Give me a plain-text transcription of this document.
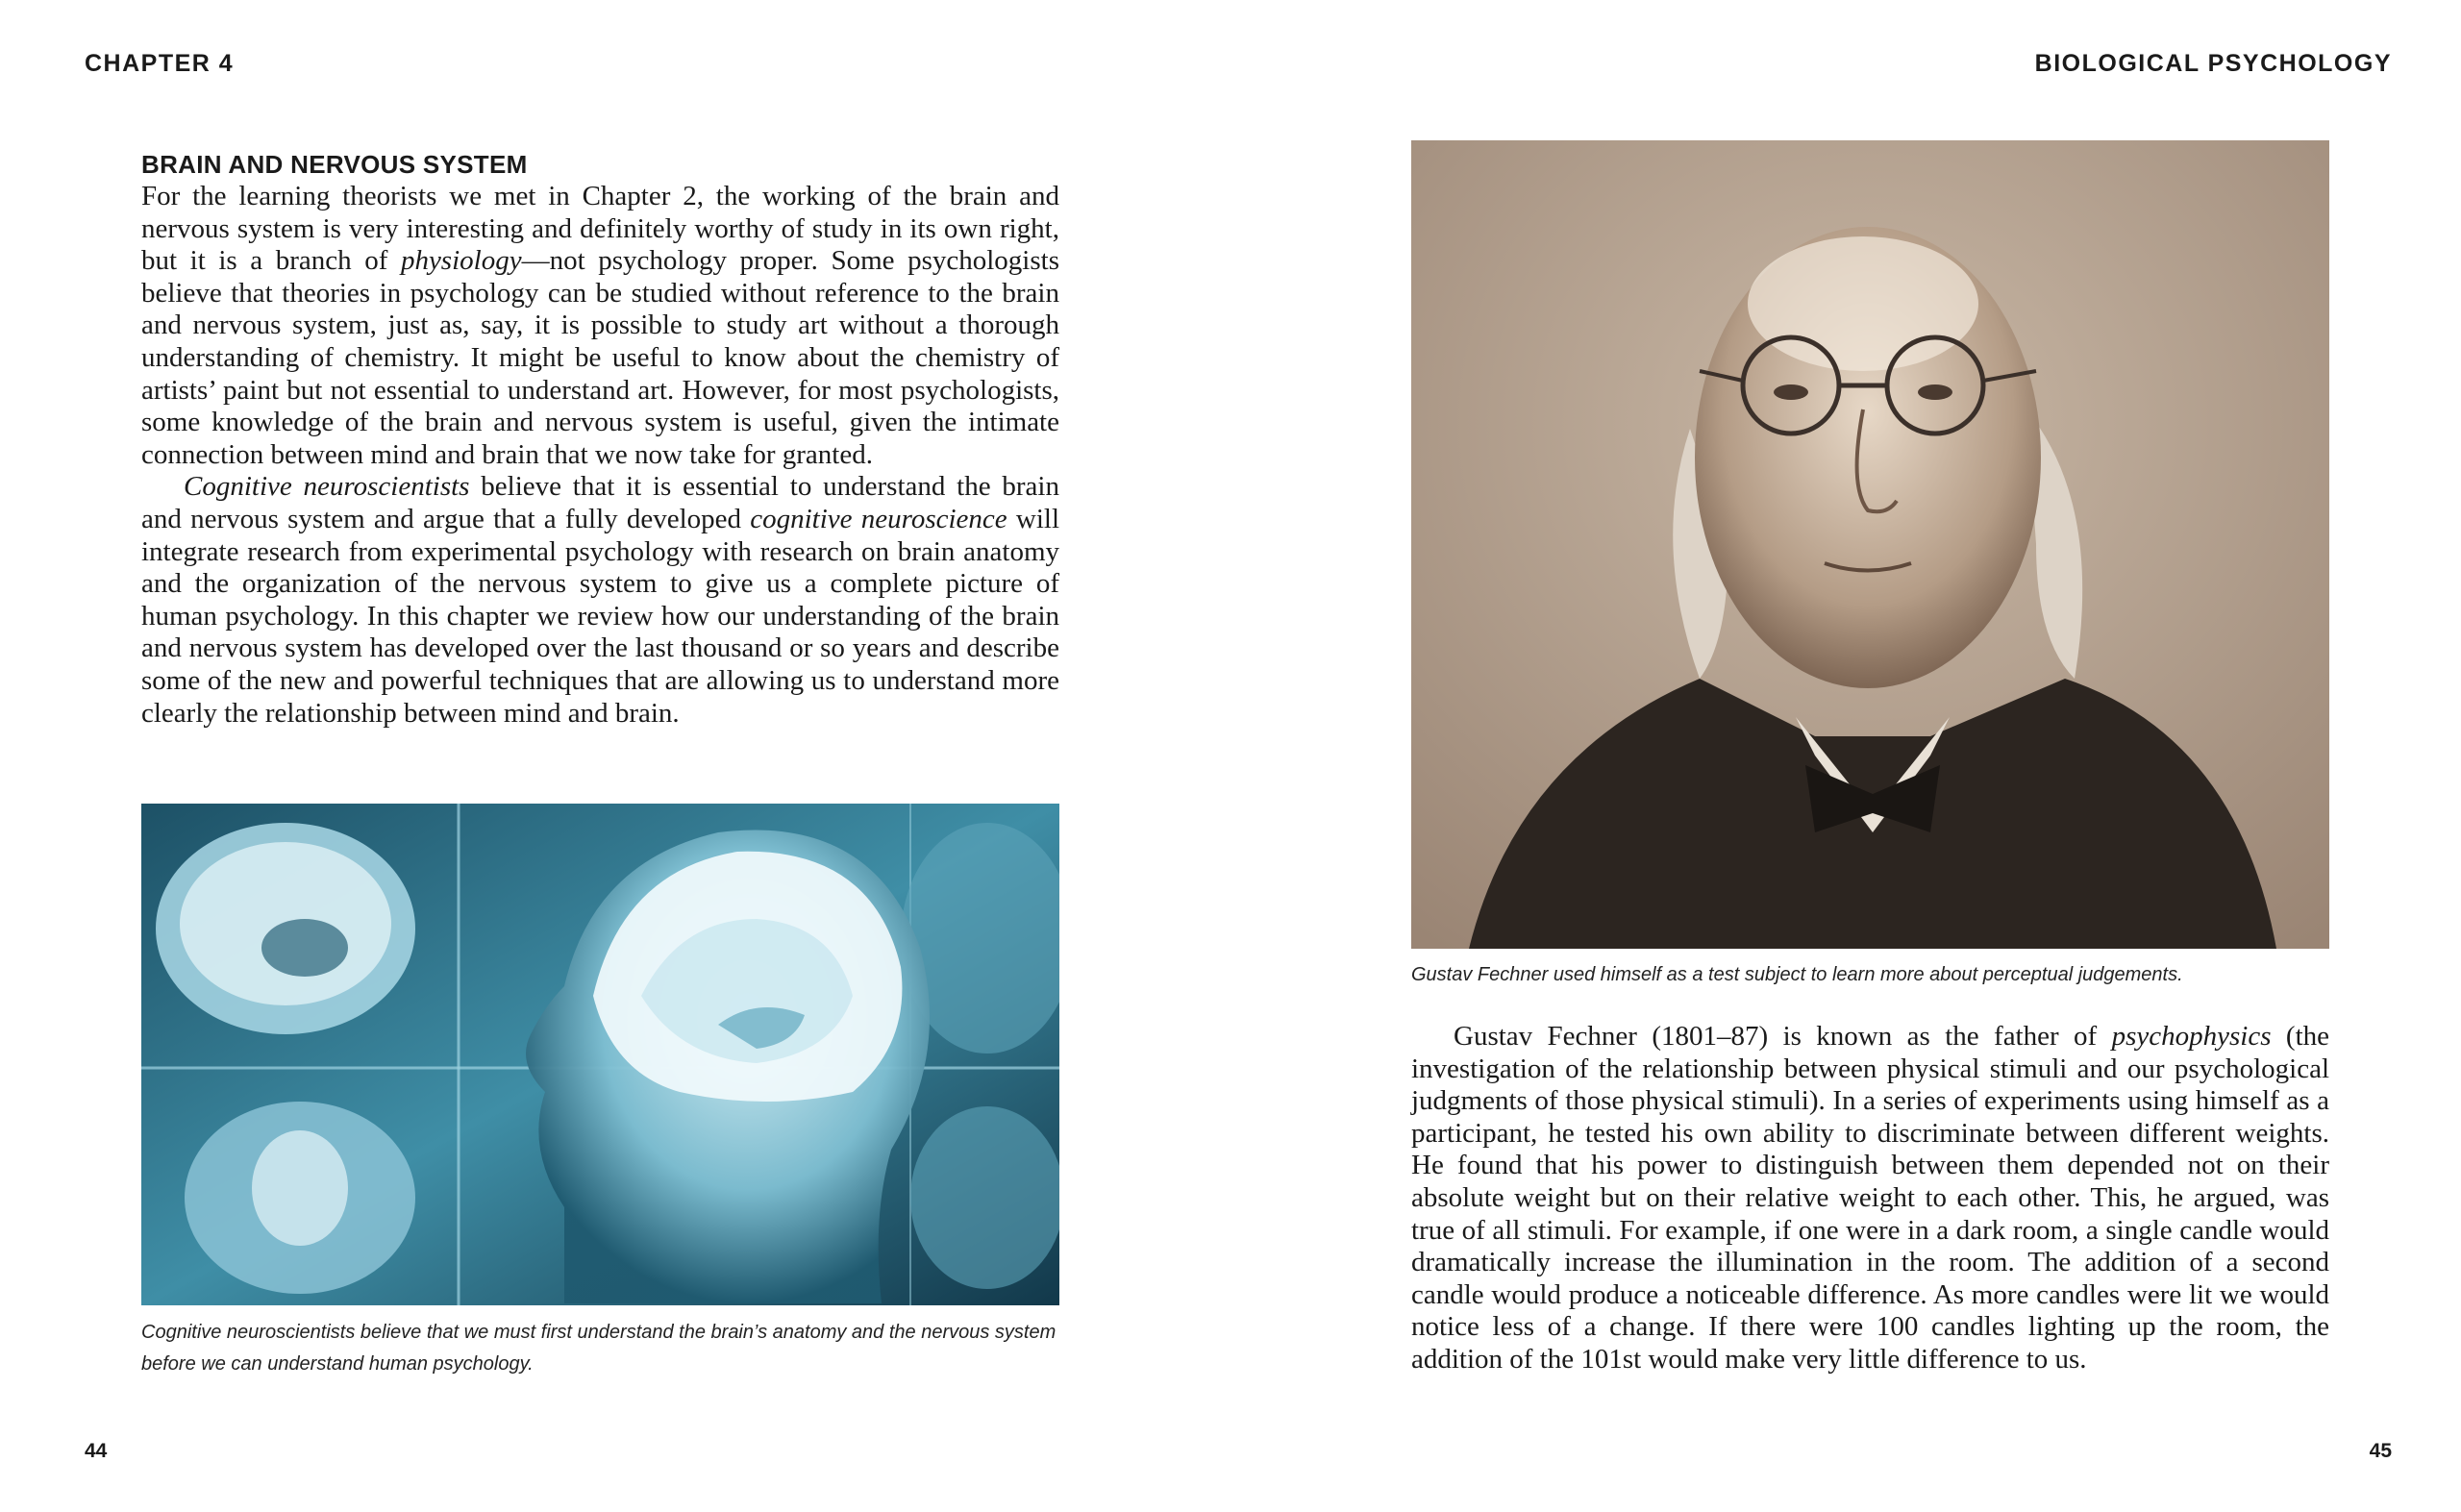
CHAPTER 4	BIOLOGICAL PSYCHOLOGY
BRAIN AND NERVOUS SYSTEM

For the learning theorists we met in Chapter 2, the working of the brain and nervous system is very interesting and definitely worthy of study in its own right, but it is a branch of physiology—not psychology proper. Some psychologists believe that theories in psychology can be studied without reference to the brain and nervous system, just as, say, it is possible to study art without a thorough understanding of chemistry. It might be useful to know about the chemistry of artists’ paint but not essential to understand art. However, for most psychologists, some knowledge of the brain and nervous system is useful, given the intimate connection between mind and brain that we now take for granted.

Cognitive neuroscientists believe that it is essential to understand the brain and nervous system and argue that a fully developed cognitive neuroscience will integrate research from experimental psychology with research on brain anatomy and the organization of the nervous system to give us a complete picture of human psychology. In this chapter we review how our understanding of the brain and nervous system has developed over the last thousand or so years and describe some of the new and powerful techniques that are allowing us to understand more clearly the relationship between mind and brain.

Cognitive neuroscientists believe that we must first understand the brain’s anatomy and the nervous system before we can understand human psychology.

44

Gustav Fechner used himself as a test subject to learn more about perceptual judgements.

Gustav Fechner (1801–87) is known as the father of psychophysics (the investigation of the relationship between physical stimuli and our psychological judgments of those physical stimuli). In a series of experiments using himself as a participant, he tested his own ability to discriminate between different weights. He found that his power to distinguish between them depended not on their absolute weight but on their relative weight to each other. This, he argued, was true of all stimuli. For example, if one were in a dark room, a single candle would dramatically increase the illumination in the room. The addition of a second candle would produce a noticeable difference. As more candles were lit we would notice less of a change. If there were 100 candles lighting up the room, the addition of the 101st would make very little difference to us.

45
